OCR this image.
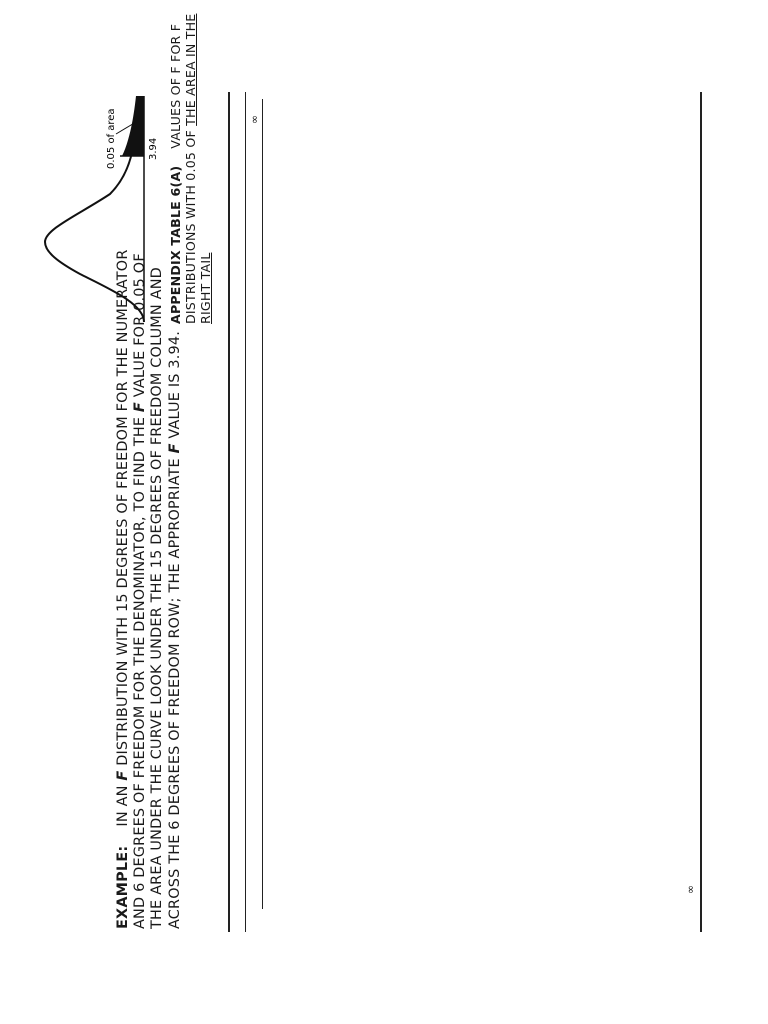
EXAMPLE:    IN AN F DISTRIBUTION WITH 15 DEGREES OF FREEDOM FOR THE NUMERATOR AND 6 DEGREES OF FREEDOM FOR THE DENOMINATOR, TO FIND THE F VALUE FOR 0.05 OF THE AREA UNDER THE CURVE LOOK UNDER THE 15 DEGREES OF FREEDOM COLUMN AND ACROSS THE 6 DEGREES OF FREEDOM ROW; THE APPROPRIATE F VALUE IS 3.94.
0.05 of area	3.94
APPENDIX TABLE 6(A)    VALUES OF F FOR F DISTRIBUTIONS WITH 0.05 OF THE AREA IN THE RIGHT TAIL
∞
∞
